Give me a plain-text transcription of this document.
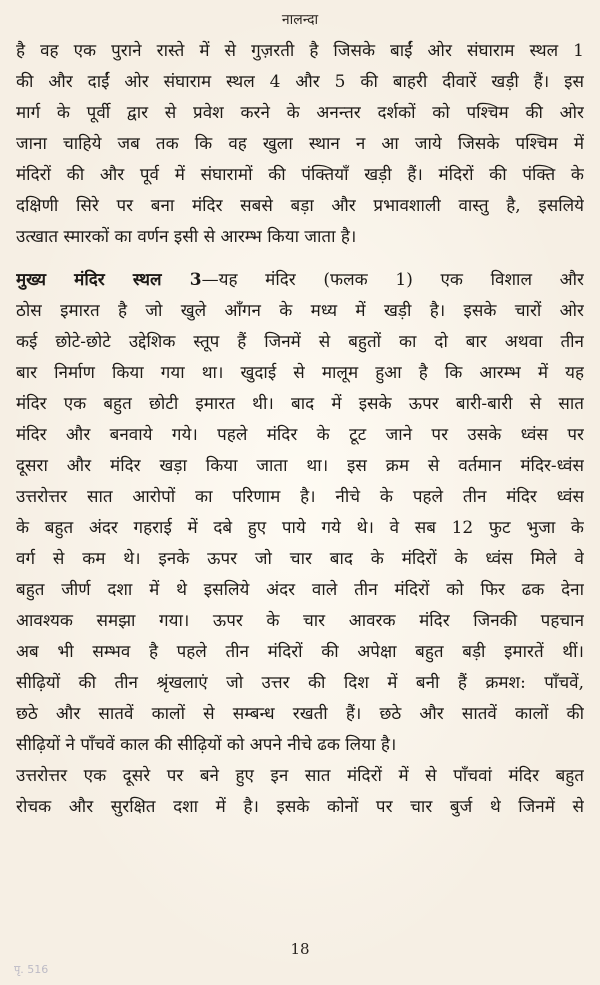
नालन्दा
है वह एक पुराने रास्ते में से गुज़रती है जिसके बाईं ओर संघाराम स्थल 1
की और दाईं ओर संघाराम स्थल 4 और 5 की बाहरी दीवारें खड़ी हैं। इस
मार्ग के पूर्वी द्वार से प्रवेश करने के अनन्तर दर्शकों को पश्चिम की ओर
जाना चाहिये जब तक कि वह खुला स्थान न आ जाये जिसके पश्चिम में
मंदिरों की और पूर्व में संघारामों की पंक्तियाँ खड़ी हैं। मंदिरों की पंक्ति के
दक्षिणी सिरे पर बना मंदिर सबसे बड़ा और प्रभावशाली वास्तु है, इसलिये
उत्खात स्मारकों का वर्णन इसी से आरम्भ किया जाता है।
मुख्य मंदिर स्थल 3—यह मंदिर (फलक 1) एक विशाल और
ठोस इमारत है जो खुले आँगन के मध्य में खड़ी है। इसके चारों ओर
कई छोटे-छोटे उद्देशिक स्तूप हैं जिनमें से बहुतों का दो बार अथवा तीन
बार निर्माण किया गया था। खुदाई से मालूम हुआ है कि आरम्भ में यह
मंदिर एक बहुत छोटी इमारत थी। बाद में इसके ऊपर बारी-बारी से सात
मंदिर और बनवाये गये। पहले मंदिर के टूट जाने पर उसके ध्वंस पर
दूसरा और मंदिर खड़ा किया जाता था। इस क्रम से वर्तमान मंदिर-ध्वंस
उत्तरोत्तर सात आरोपों का परिणाम है। नीचे के पहले तीन मंदिर ध्वंस
के बहुत अंदर गहराई में दबे हुए पाये गये थे। वे सब 12 फुट भुजा के
वर्ग से कम थे। इनके ऊपर जो चार बाद के मंदिरों के ध्वंस मिले वे
बहुत जीर्ण दशा में थे इसलिये अंदर वाले तीन मंदिरों को फिर ढक देना
आवश्यक समझा गया। ऊपर के चार आवरक मंदिर जिनकी पहचान
अब भी सम्भव है पहले तीन मंदिरों की अपेक्षा बहुत बड़ी इमारतें थीं।
सीढ़ियों की तीन श्रृंखलाएं जो उत्तर की दिश में बनी हैं क्रमश: पाँचवें,
छठे और सातवें कालों से सम्बन्ध रखती हैं। छठे और सातवें कालों की
सीढ़ियों ने पाँचवें काल की सीढ़ियों को अपने नीचे ढक लिया है।
उत्तरोत्तर एक दूसरे पर बने हुए इन सात मंदिरों में से पाँचवां मंदिर बहुत
रोचक और सुरक्षित दशा में है। इसके कोनों पर चार बुर्ज थे जिनमें से
18
पृ. 516
